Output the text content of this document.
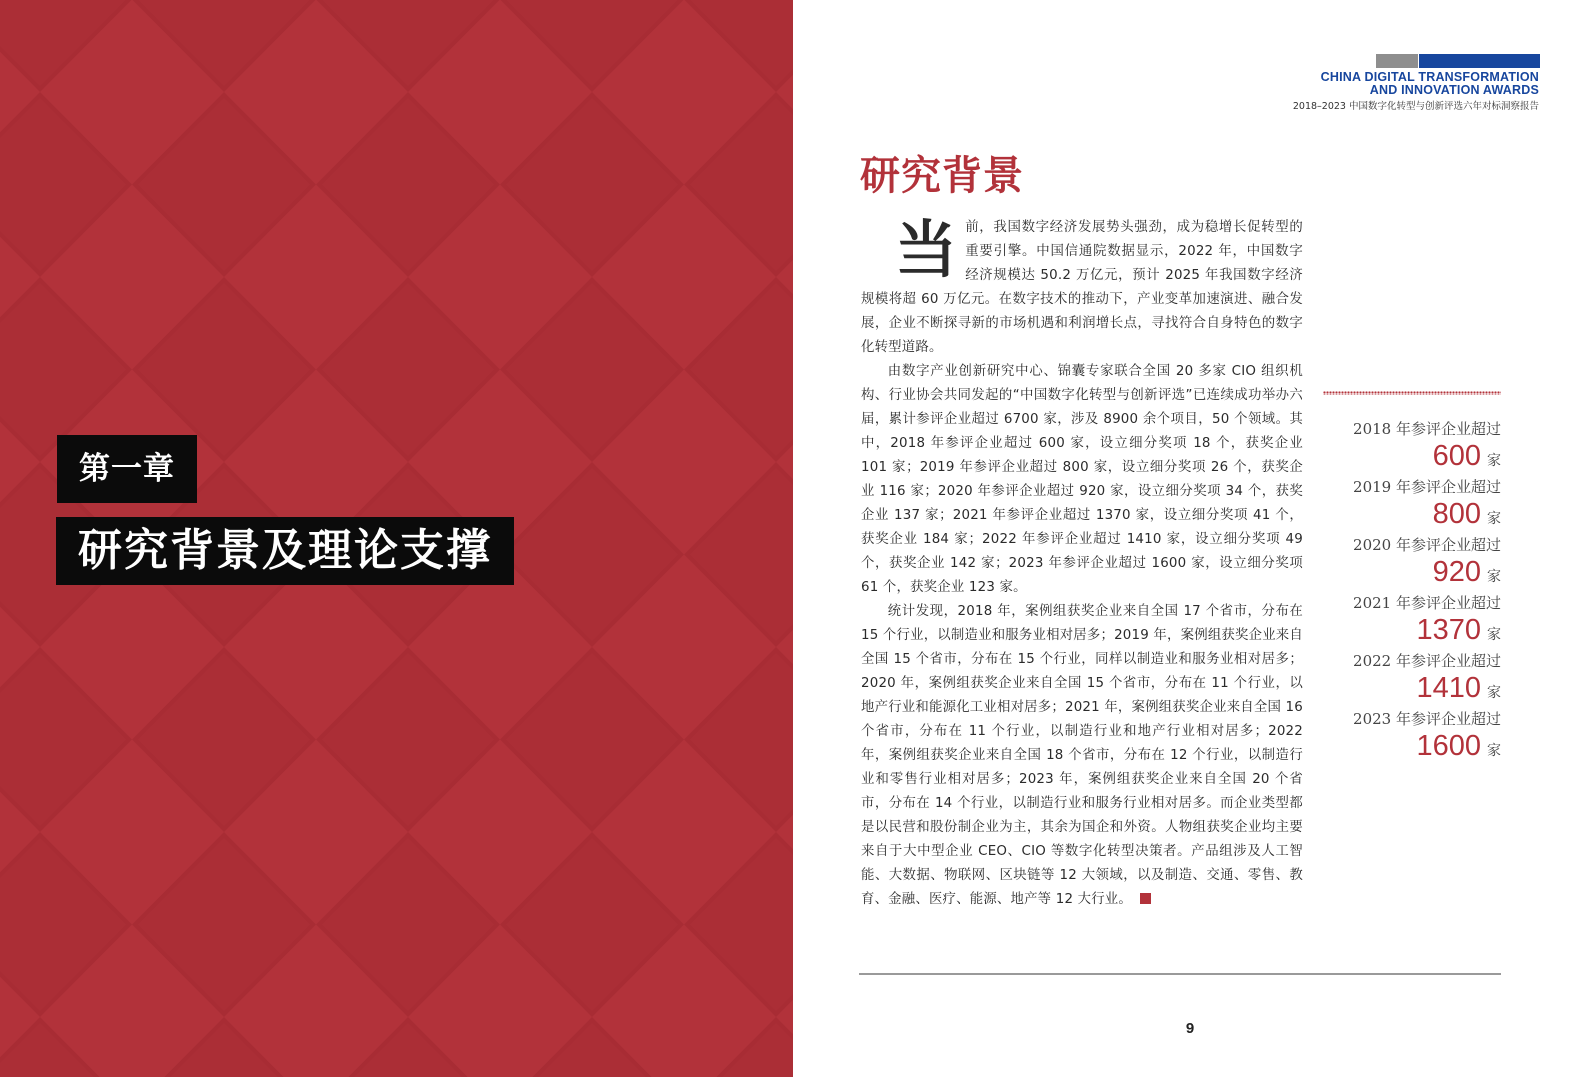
第一章
研究背景及理论支撑
CHINA DIGITAL TRANSFORMATION
AND INNOVATION AWARDS
2018–2023 中国数字化转型与创新评选六年对标洞察报告
研究背景

当前，我国数字经济发展势头强劲，成为稳增长促转型的重要引擎。中国信通院数据显示，2022 年，中国数字经济规模达 50.2 万亿元，预计 2025 年我国数字经济规模将超 60 万亿元。在数字技术的推动下，产业变革加速演进、融合发展，企业不断探寻新的市场机遇和利润增长点，寻找符合自身特色的数字化转型道路。

由数字产业创新研究中心、锦囊专家联合全国 20 多家 CIO 组织机构、行业协会共同发起的“中国数字化转型与创新评选”已连续成功举办六届，累计参评企业超过 6700 家，涉及 8900 余个项目，50 个领域。其中，2018 年参评企业超过 600 家，设立细分奖项 18 个，获奖企业 101 家；2019 年参评企业超过 800 家，设立细分奖项 26 个，获奖企业 116 家；2020 年参评企业超过 920 家，设立细分奖项 34 个，获奖企业 137 家；2021 年参评企业超过 1370 家，设立细分奖项 41 个，获奖企业 184 家；2022 年参评企业超过 1410 家，设立细分奖项 49 个，获奖企业 142 家；2023 年参评企业超过 1600 家，设立细分奖项 61 个，获奖企业 123 家。

统计发现，2018 年，案例组获奖企业来自全国 17 个省市，分布在 15 个行业，以制造业和服务业相对居多；2019 年，案例组获奖企业来自全国 15 个省市，分布在 15 个行业，同样以制造业和服务业相对居多；2020 年，案例组获奖企业来自全国 15 个省市，分布在 11 个行业，以地产行业和能源化工业相对居多；2021 年，案例组获奖企业来自全国 16 个省市，分布在 11 个行业，以制造行业和地产行业相对居多；2022 年，案例组获奖企业来自全国 18 个省市，分布在 12 个行业，以制造行业和零售行业相对居多；2023 年，案例组获奖企业来自全国 20 个省市，分布在 14 个行业，以制造行业和服务行业相对居多。而企业类型都是以民营和股份制企业为主，其余为国企和外资。人物组获奖企业均主要来自于大中型企业 CEO、CIO 等数字化转型决策者。产品组涉及人工智能、大数据、物联网、区块链等 12 大领域，以及制造、交通、零售、教育、金融、医疗、能源、地产等 12 大行业。

2018 年参评企业超过
600 家
2019 年参评企业超过
800 家
2020 年参评企业超过
920 家
2021 年参评企业超过
1370 家
2022 年参评企业超过
1410 家
2023 年参评企业超过
1600 家
9
